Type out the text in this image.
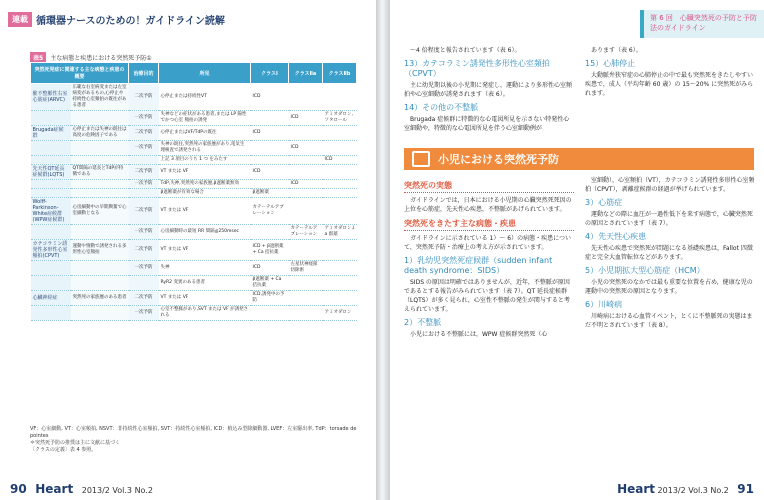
連載 循環器ナースのための！ガイドライン読解
表5	主な病態と疾患における突然死予防①
突然死発症に関連する主な病態と疾患の概要		治療目的	所見	クラスⅠ	クラスⅡa	クラスⅡb
催不整脈性右室心筋症(ARVC)	広範な右室病変または左室病変があるもの,心停止や持続性心室頻拍の既往がある患者	二次予防	心停止または持続性VT	ICD		
		一次予防	失神などの症状がある患者,または LP 陽性でかつ心室 頻拍の誘発		ICD	アミオダロン,ソタロール
Brugada症候群	心停止または失神の既往は高度の危険因子である	二次予防	心停止またはVF/TdPの既往	ICD		
		一次予防	失神の既往,突然死の家族歴があり,電気生理検査で誘発される		ICD	
			上記 3 項目のうち 1 つ をみたす			ICD
先天性QT延長症候群(LQTS)	QT間隔の延長とTdPが特徴である	二次予防	VT または VF	ICD		
		一次予防	TdP,失神,突然死の家族歴,β遮断薬無効		ICD	
			β遮断薬が有効な場合	β遮断薬		
Wolff-Parkinson-White症候群(WPW症候群)	心房細動中の早期興奮で心室細動となる	二次予防	VT または VF	カテーテルアブレーション		
		一次予防	心房細動時の最短 RR 間隔≦250msec		カテーテルアブレーション	アミオダロン,I a 群薬
カテコラミン誘発性多形性心室頻拍(CPVT)	運動や情動で誘発される多形性心室頻拍	二次予防	VT または VF	ICD + β遮断薬 + Ca 拮抗薬		
		一次予防	失神	ICD	左星状神経節切除術	
			RyR2 変異のある患者	β遮断薬 + Ca 拮抗薬		
心臓神経症	突然死の家族歴のある患者	二次予防	VT または VF	ICD,誘発中の予防		
		一次予防	心室不整脈があり,SVT または VF が誘発される			アミオダロン
VF：心室細動, VT：心室頻拍, NSVT：非持続性心室頻拍, SVT：持続性心室頻拍, ICD：植込み型除細動器, LVEF：左室駆出率, TdP：torsade de pointes
＊突然死予防の推奨は主に文献に基づく
〔クラスの定義〕表 4 参照。
90 Heart 2013/2 Vol.3 No.2
第 6 回　心臓突然死の予防と予防法のガイドライン

〜4 倍程度と報告されています（表 6）。

13）カテコラミン誘発性多形性心室頻拍（CPVT）

主に幼児期以後の小児期に発症し，運動により多形性心室頻拍や心室細動が誘発されます（表 6）。

14）その他の不整脈

Brugada 症候群に特徴的な心電図所見を示さない特発性心室細動や，特徴的な心電図所見を伴う心室細動例が

あります（表 6）。

15）心肺停止

大動脈弁狭窄症の心肺停止の中で最も突然死をきたしやすい疾患で，成人（平均年齢 60 歳）の 15〜20% に突然死がみられます。

小児における突然死予防
突然死の実態

ガイドラインでは，日本における小児期の心臓突然死死因の上位を心筋症，先天性心疾患，不整脈があげられています。

突然死をきたす主な病態・疾患

ガイドラインに示されている 1）〜 6）の病態・疾患について，突然死予防・治療上の考え方が示されています。

1）乳幼児突然死症候群（sudden infant death syndrome：SIDS）

SIDS の原因は明確ではありませんが，近年，不整脈が原因であるとする報告がみられています（表 7）。QT 延長症候群（LQTS）が多く見られ，心室性不整脈の発生が関与すると考えられています。

2）不整脈

小児における不整脈には，WPW 症候群突然死（心

室細動），心室頻拍（VT），カテコラミン誘発性多形性心室頻拍（CPVT），剥離症候群の経過が挙げられています。

3）心筋症

運動などの際に血圧が一過性低下を来す病態で，心臓突然死の原因とされています（表 7）。

4）先天性心疾患

先天性心疾患で突然死が問題になる基礎疾患は，Fallot 四徴症と完全大血管転位などがあります。

5）小児期拡大型心筋症（HCM）

小児の突然死のなかでは最も重要な位置を占め，健康な児の運動中の突然死の原因となります。

6）川崎病

川崎病における心血管イベント，とくに不整脈死の実態はまだ不明とされています（表 8）。

Heart 2013/2 Vol.3 No.2 91
